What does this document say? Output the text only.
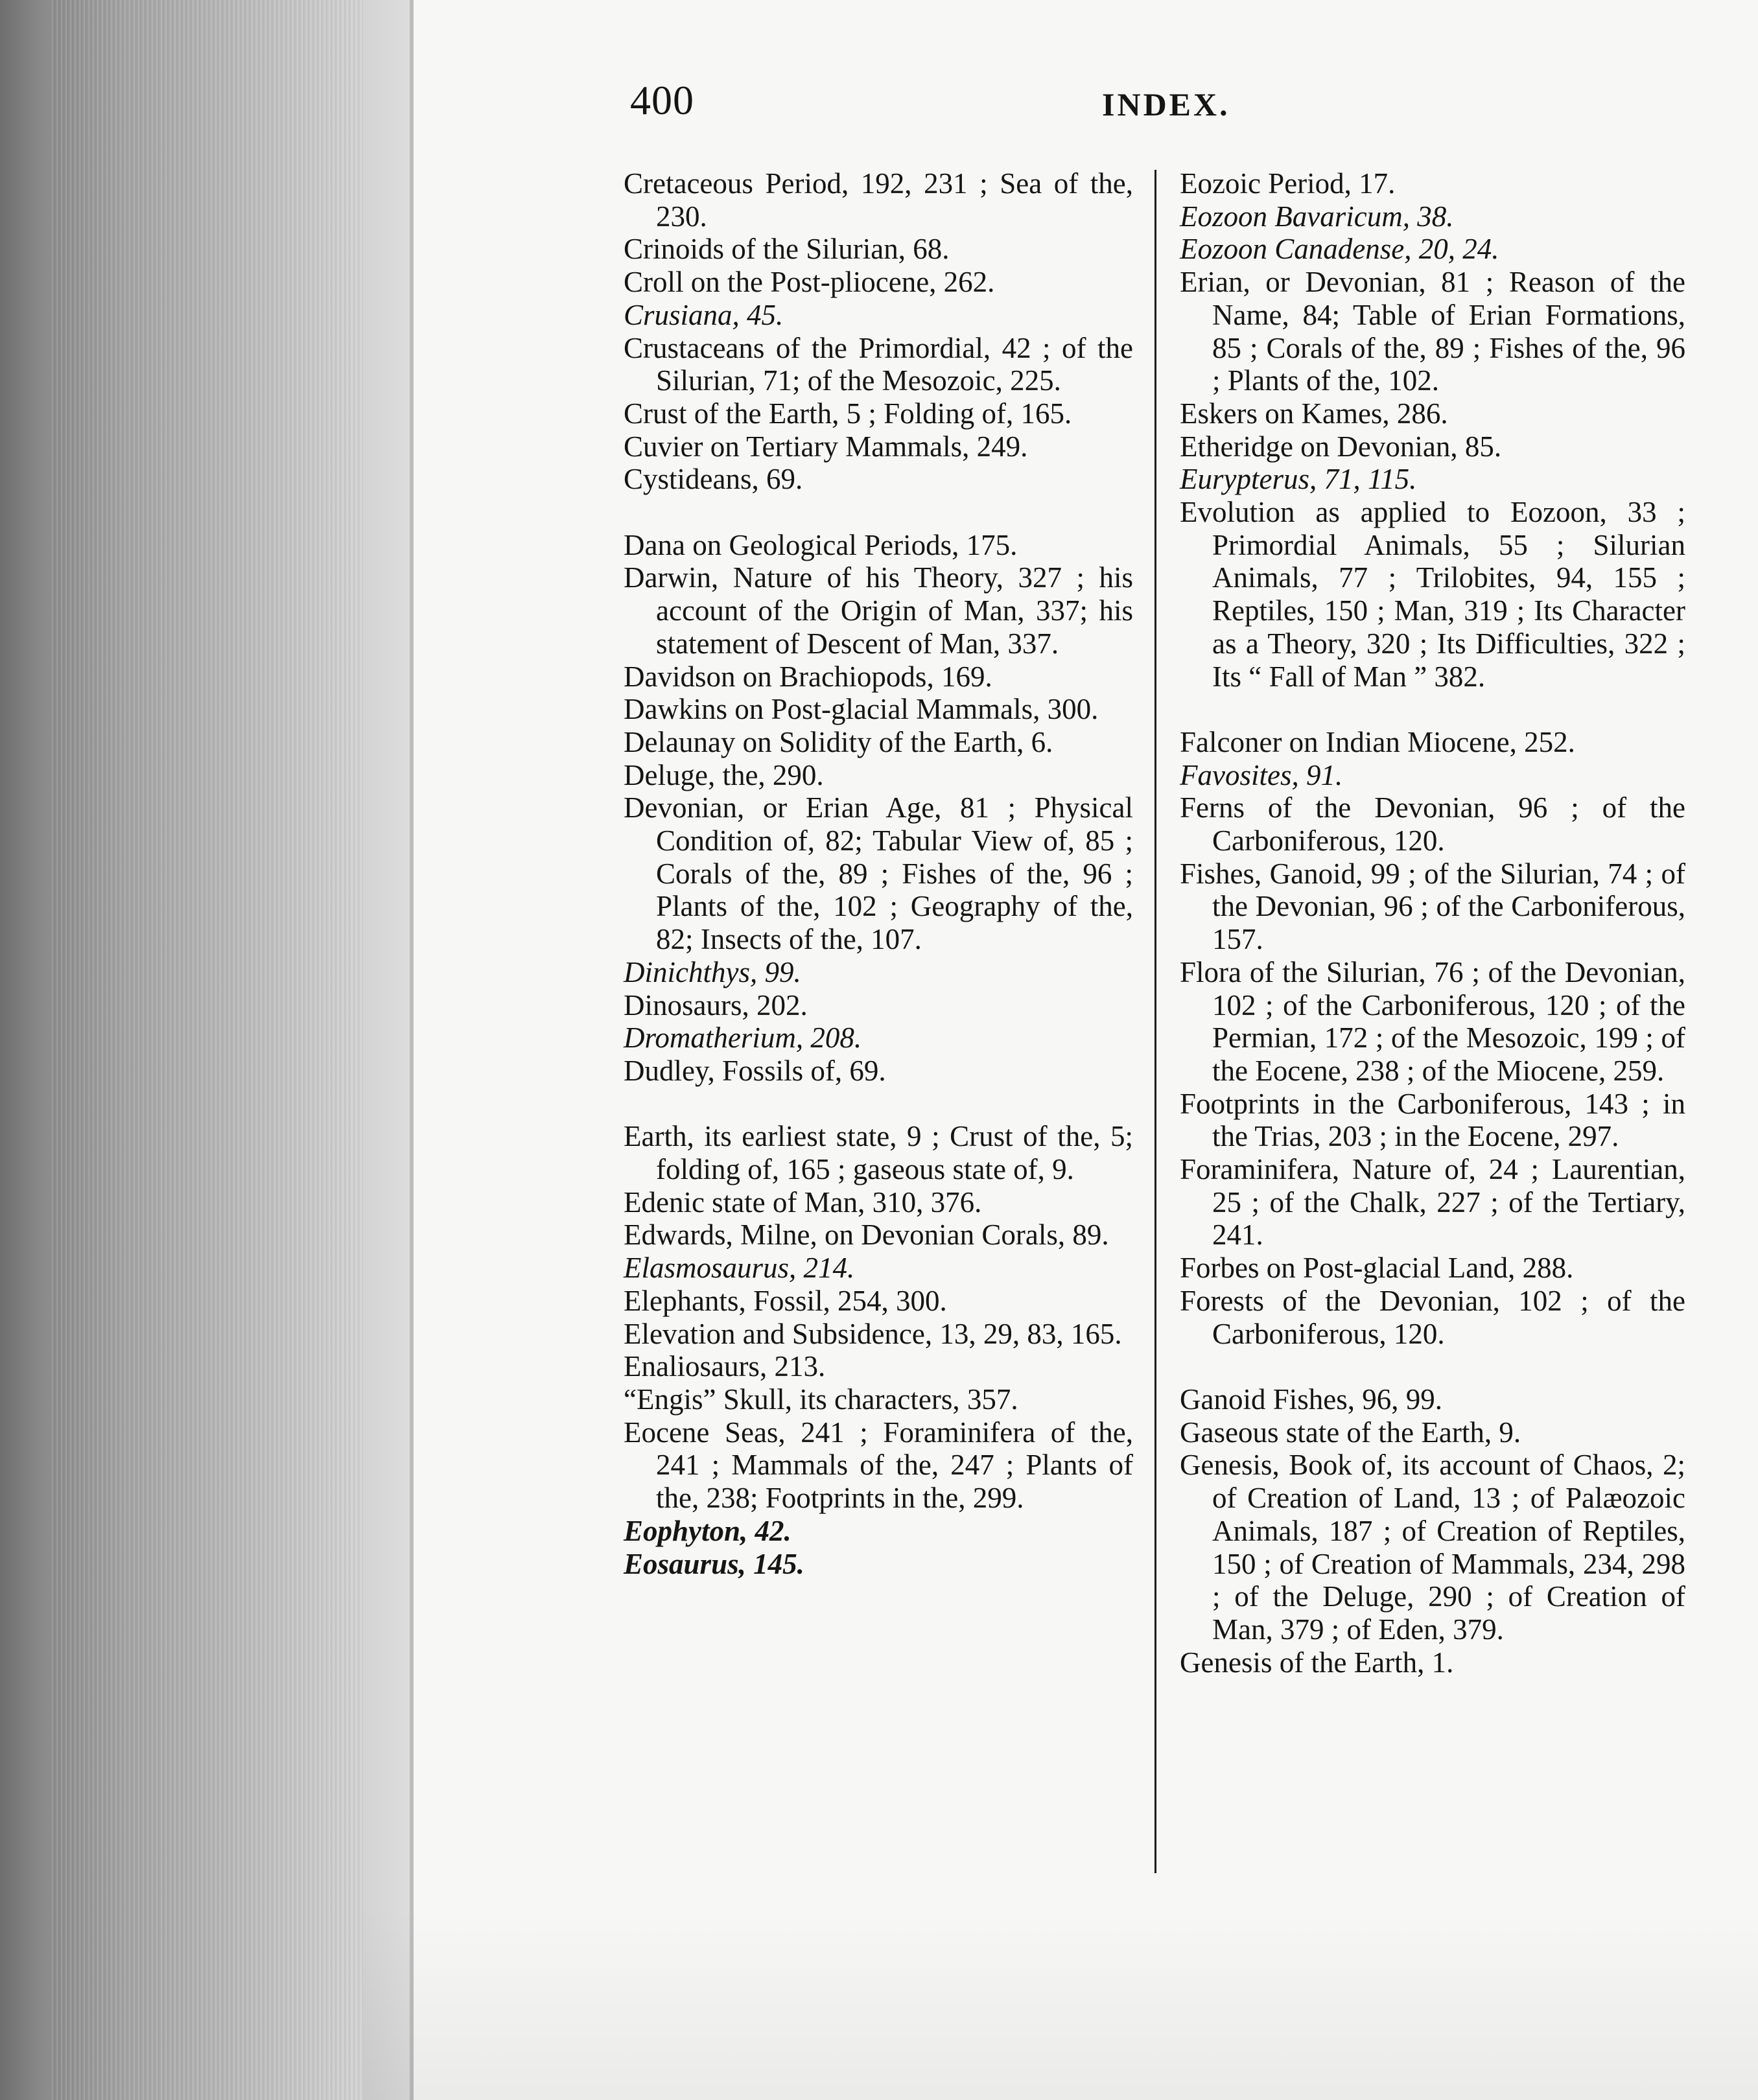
400	INDEX.

Cretaceous Period, 192, 231 ; Sea of the, 230.

Crinoids of the Silurian, 68.

Croll on the Post-pliocene, 262.

Crusiana, 45.

Crustaceans of the Primordial, 42 ; of the Silurian, 71; of the Mesozoic, 225.

Crust of the Earth, 5 ; Folding of, 165.

Cuvier on Tertiary Mammals, 249.

Cystideans, 69.

Dana on Geological Periods, 175.

Darwin, Nature of his Theory, 327 ; his account of the Origin of Man, 337; his statement of Descent of Man, 337.

Davidson on Brachiopods, 169.

Dawkins on Post-glacial Mammals, 300.

Delaunay on Solidity of the Earth, 6.

Deluge, the, 290.

Devonian, or Erian Age, 81 ; Physical Condition of, 82; Tabular View of, 85 ; Corals of the, 89 ; Fishes of the, 96 ; Plants of the, 102 ; Geography of the, 82; Insects of the, 107.

Dinichthys, 99.

Dinosaurs, 202.

Dromatherium, 208.

Dudley, Fossils of, 69.

Earth, its earliest state, 9 ; Crust of the, 5; folding of, 165 ; gaseous state of, 9.

Edenic state of Man, 310, 376.

Edwards, Milne, on Devonian Corals, 89.

Elasmosaurus, 214.

Elephants, Fossil, 254, 300.

Elevation and Subsidence, 13, 29, 83, 165.

Enaliosaurs, 213.

“Engis” Skull, its characters, 357.

Eocene Seas, 241 ; Foraminifera of the, 241 ; Mammals of the, 247 ; Plants of the, 238; Footprints in the, 299.

Eophyton, 42.

Eosaurus, 145.

Eozoic Period, 17.

Eozoon Bavaricum, 38.

Eozoon Canadense, 20, 24.

Erian, or Devonian, 81 ; Reason of the Name, 84; Table of Erian Formations, 85 ; Corals of the, 89 ; Fishes of the, 96 ; Plants of the, 102.

Eskers on Kames, 286.

Etheridge on Devonian, 85.

Eurypterus, 71, 115.

Evolution as applied to Eozoon, 33 ; Primordial Animals, 55 ; Silurian Animals, 77 ; Trilobites, 94, 155 ; Reptiles, 150 ; Man, 319 ; Its Character as a Theory, 320 ; Its Difficulties, 322 ; Its “ Fall of Man ” 382.

Falconer on Indian Miocene, 252.

Favosites, 91.

Ferns of the Devonian, 96 ; of the Carboniferous, 120.

Fishes, Ganoid, 99 ; of the Silurian, 74 ; of the Devonian, 96 ; of the Carboniferous, 157.

Flora of the Silurian, 76 ; of the Devonian, 102 ; of the Carboniferous, 120 ; of the Permian, 172 ; of the Mesozoic, 199 ; of the Eocene, 238 ; of the Miocene, 259.

Footprints in the Carboniferous, 143 ; in the Trias, 203 ; in the Eocene, 297.

Foraminifera, Nature of, 24 ; Laurentian, 25 ; of the Chalk, 227 ; of the Tertiary, 241.

Forbes on Post-glacial Land, 288.

Forests of the Devonian, 102 ; of the Carboniferous, 120.

Ganoid Fishes, 96, 99.

Gaseous state of the Earth, 9.

Genesis, Book of, its account of Chaos, 2; of Creation of Land, 13 ; of Palæozoic Animals, 187 ; of Creation of Reptiles, 150 ; of Creation of Mammals, 234, 298 ; of the Deluge, 290 ; of Creation of Man, 379 ; of Eden, 379.

Genesis of the Earth, 1.
